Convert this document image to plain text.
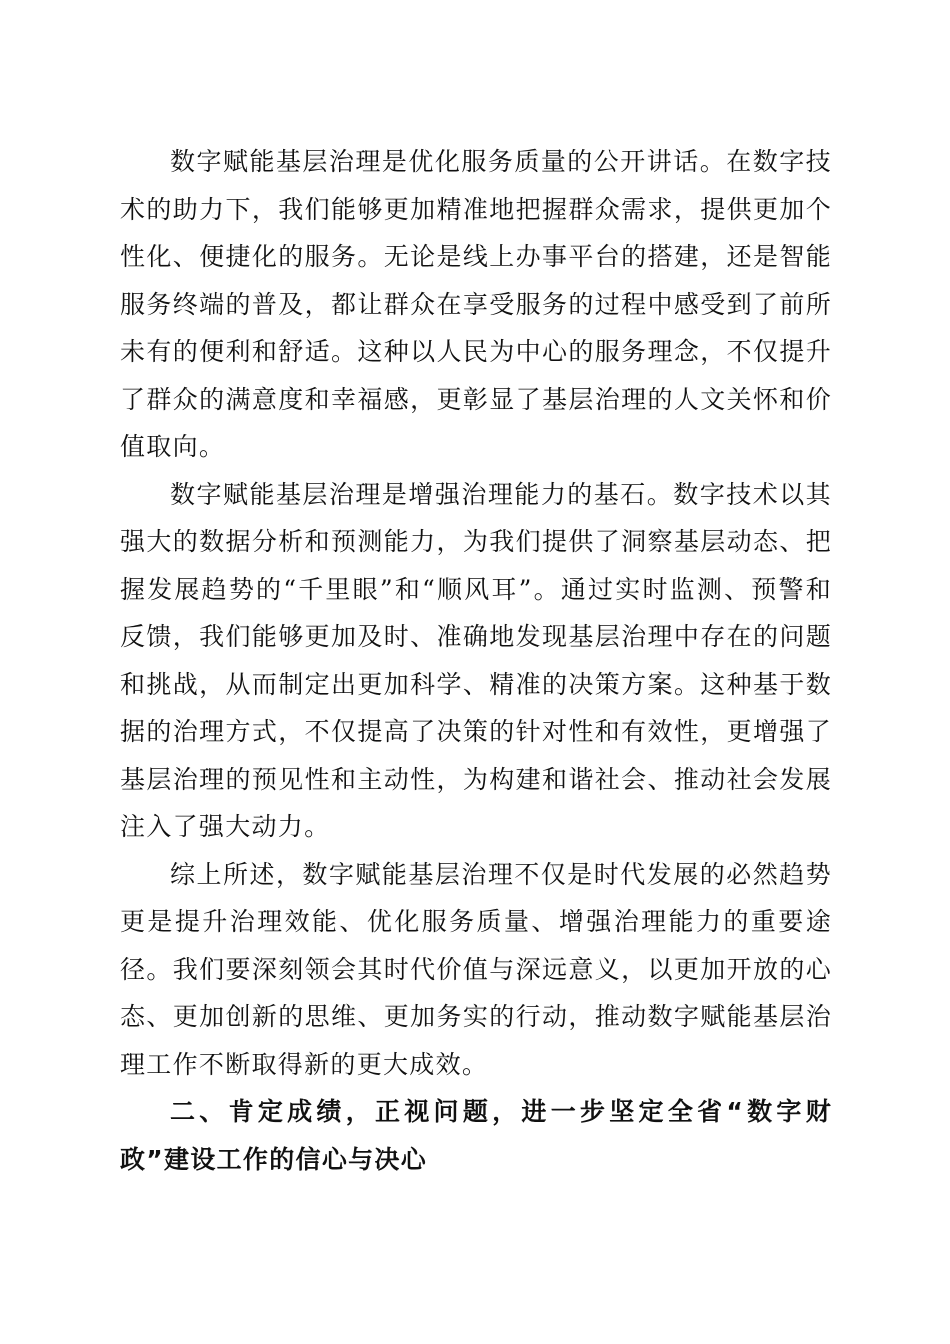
数字赋能基层治理是优化服务质量的公开讲话。在数字技术的助力下，我们能够更加精准地把握群众需求，提供更加个性化、便捷化的服务。无论是线上办事平台的搭建，还是智能服务终端的普及，都让群众在享受服务的过程中感受到了前所未有的便利和舒适。这种以人民为中心的服务理念，不仅提升了群众的满意度和幸福感，更彰显了基层治理的人文关怀和价值取向。

数字赋能基层治理是增强治理能力的基石。数字技术以其强大的数据分析和预测能力，为我们提供了洞察基层动态、把握发展趋势的“千里眼”和“顺风耳”。通过实时监测、预警和反馈，我们能够更加及时、准确地发现基层治理中存在的问题和挑战，从而制定出更加科学、精准的决策方案。这种基于数据的治理方式，不仅提高了决策的针对性和有效性，更增强了基层治理的预见性和主动性，为构建和谐社会、推动社会发展注入了强大动力。

综上所述，数字赋能基层治理不仅是时代发展的必然趋势更是提升治理效能、优化服务质量、增强治理能力的重要途径。我们要深刻领会其时代价值与深远意义，以更加开放的心态、更加创新的思维、更加务实的行动，推动数字赋能基层治理工作不断取得新的更大成效。

二、肯定成绩，正视问题，进一步坚定全省“数字财政”建设工作的信心与决心
